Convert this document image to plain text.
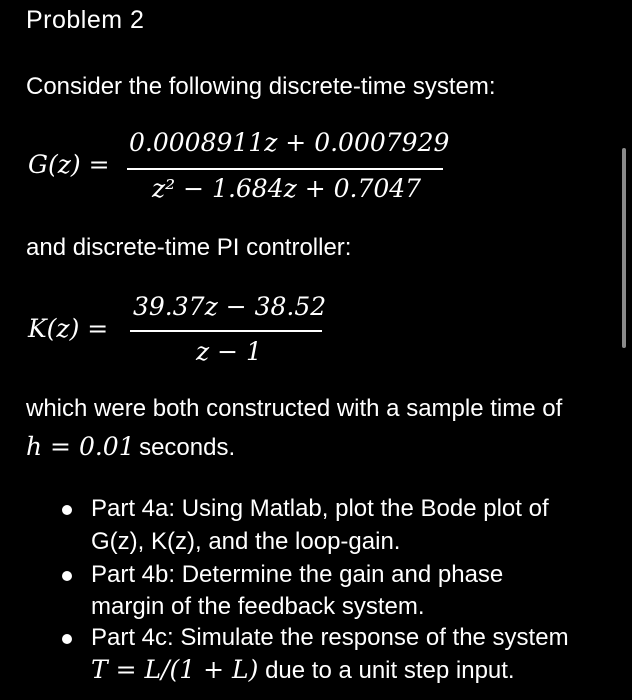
Problem 2
Consider the following discrete-time system:
G(z) =
0.0008911z + 0.0007929
z² − 1.684z + 0.7047
and discrete-time PI controller:
K(z) =
39.37z − 38.52
z − 1
which were both constructed with a sample time of
h = 0.01 seconds.
Part 4a: Using Matlab, plot the Bode plot of
G(z), K(z), and the loop-gain.
Part 4b: Determine the gain and phase
margin of the feedback system.
Part 4c: Simulate the response of the system
T = L/(1 + L) due to a unit step input.
